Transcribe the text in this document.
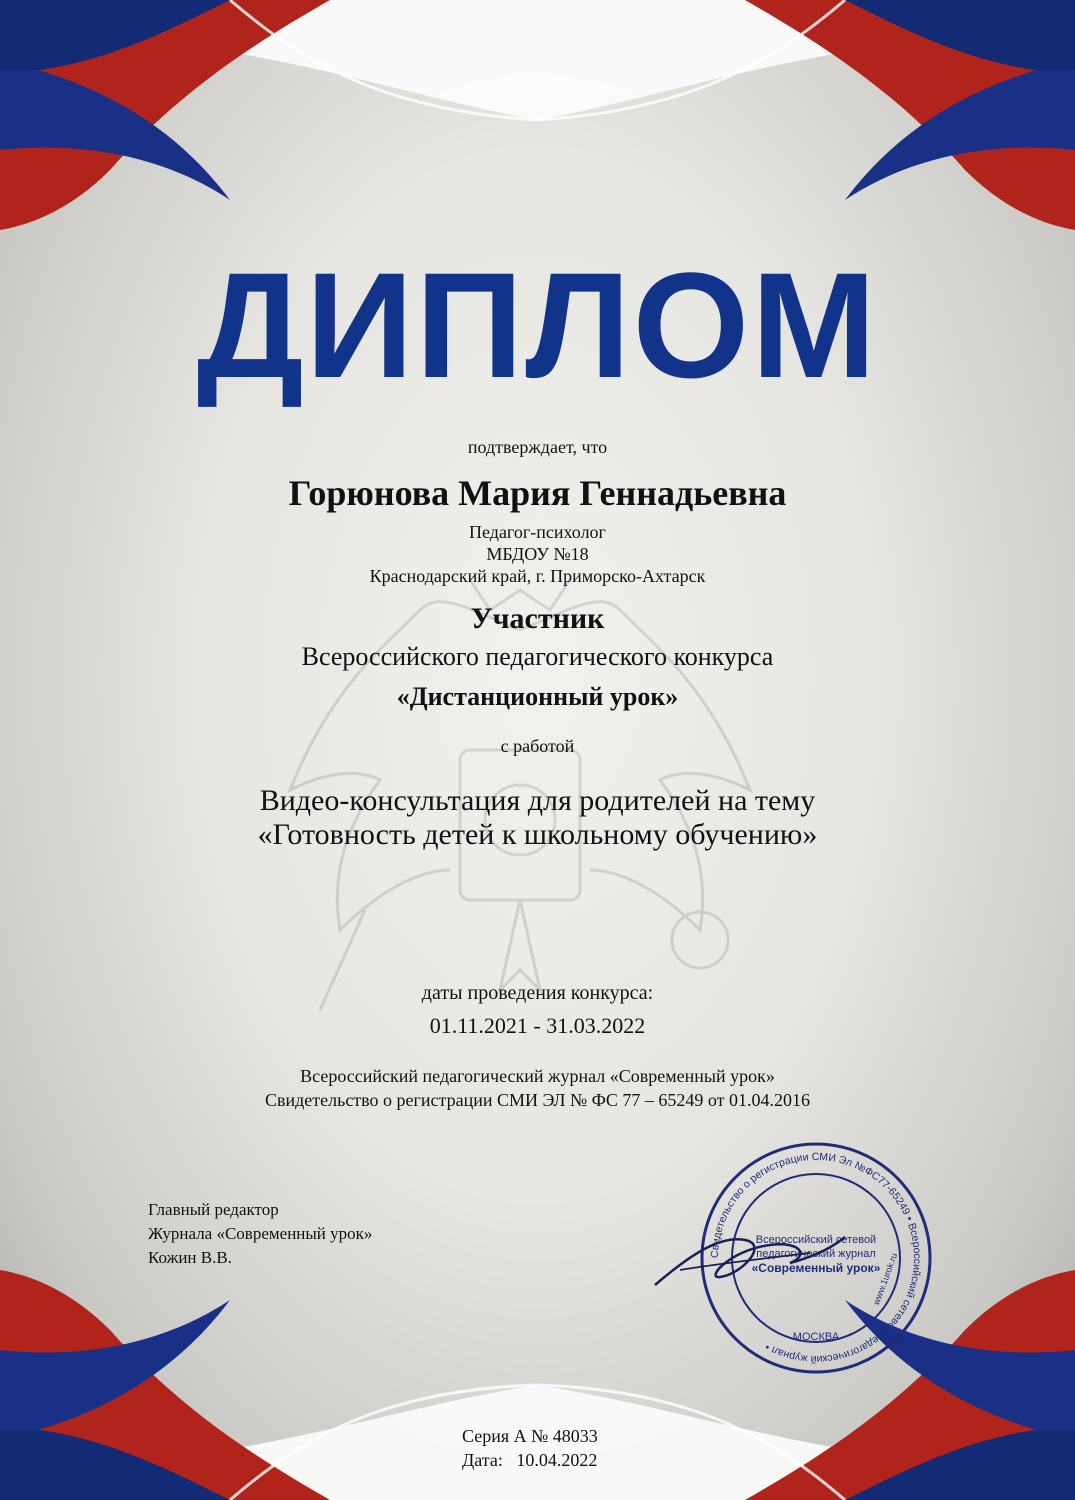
ДИПЛОМ
подтверждает, что
Горюнова Мария Геннадьевна
Педагог-психолог
МБДОУ №18
Краснодарский край, г. Приморско-Ахтарск
Участник
Всероссийского педагогического конкурса
«Дистанционный урок»
с работой
Видео-консультация для родителей на тему
«Готовность детей к школьному обучению»
даты проведения конкурса:
01.11.2021 - 31.03.2022
Всероссийский педагогический журнал «Современный урок»
Свидетельство о регистрации СМИ ЭЛ № ФС 77 – 65249 от 01.04.2016
Главный редактор
Журнала «Современный урок»
Кожин В.В.	Свидетельство о регистрации СМИ Эл №ФС77-65249 • Всероссийский сетевой педагогический журнал •
Всероссийский сетевой
педагогический журнал
«Современный урок»
www.1urok.ru
МОСКВА
Серия А № 48033
Дата:   10.04.2022
